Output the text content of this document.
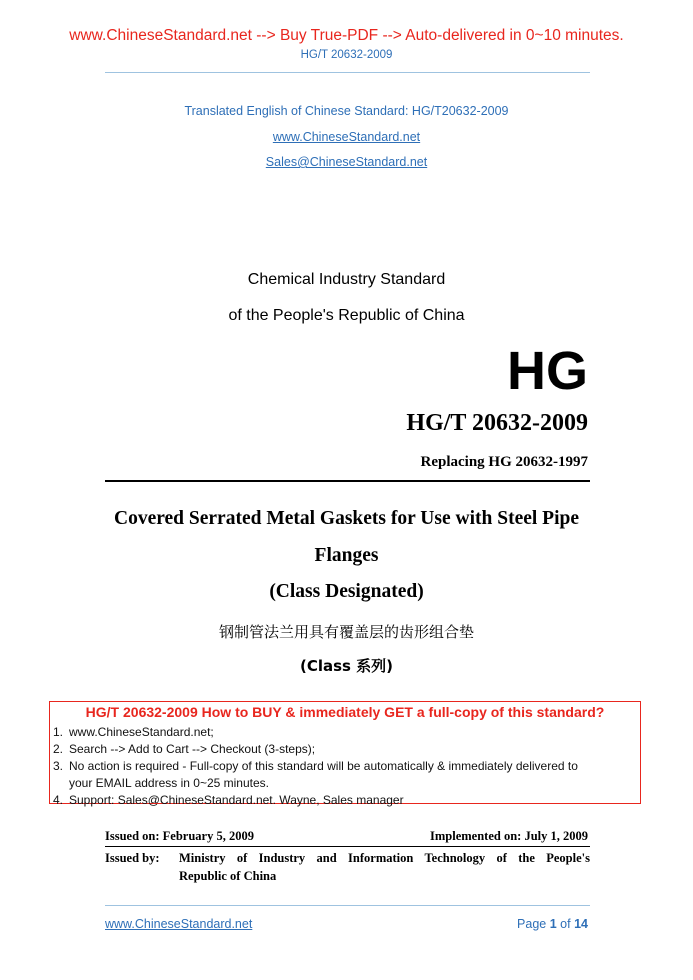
www.ChineseStandard.net --> Buy True-PDF --> Auto-delivered in 0~10 minutes.
HG/T 20632-2009
Translated English of Chinese Standard: HG/T20632-2009
www.ChineseStandard.net
Sales@ChineseStandard.net
Chemical Industry Standard
of the People's Republic of China
HG
HG/T 20632-2009
Replacing HG 20632-1997
Covered Serrated Metal Gaskets for Use with Steel Pipe
Flanges
(Class Designated)
钢制管法兰用具有覆盖层的齿形组合垫
(Class 系列)
HG/T 20632-2009 How to BUY & immediately GET a full-copy of this standard?
1. www.ChineseStandard.net;
2. Search --> Add to Cart --> Checkout (3-steps);
3. No action is required - Full-copy of this standard will be automatically & immediately delivered to
your EMAIL address in 0~25 minutes.
4. Support: Sales@ChineseStandard.net. Wayne, Sales manager
Issued on: February 5, 2009	Implemented on: July 1, 2009
Issued by: Ministry of Industry and Information Technology of the People's
Republic of China
www.ChineseStandard.net	Page 1 of 14
